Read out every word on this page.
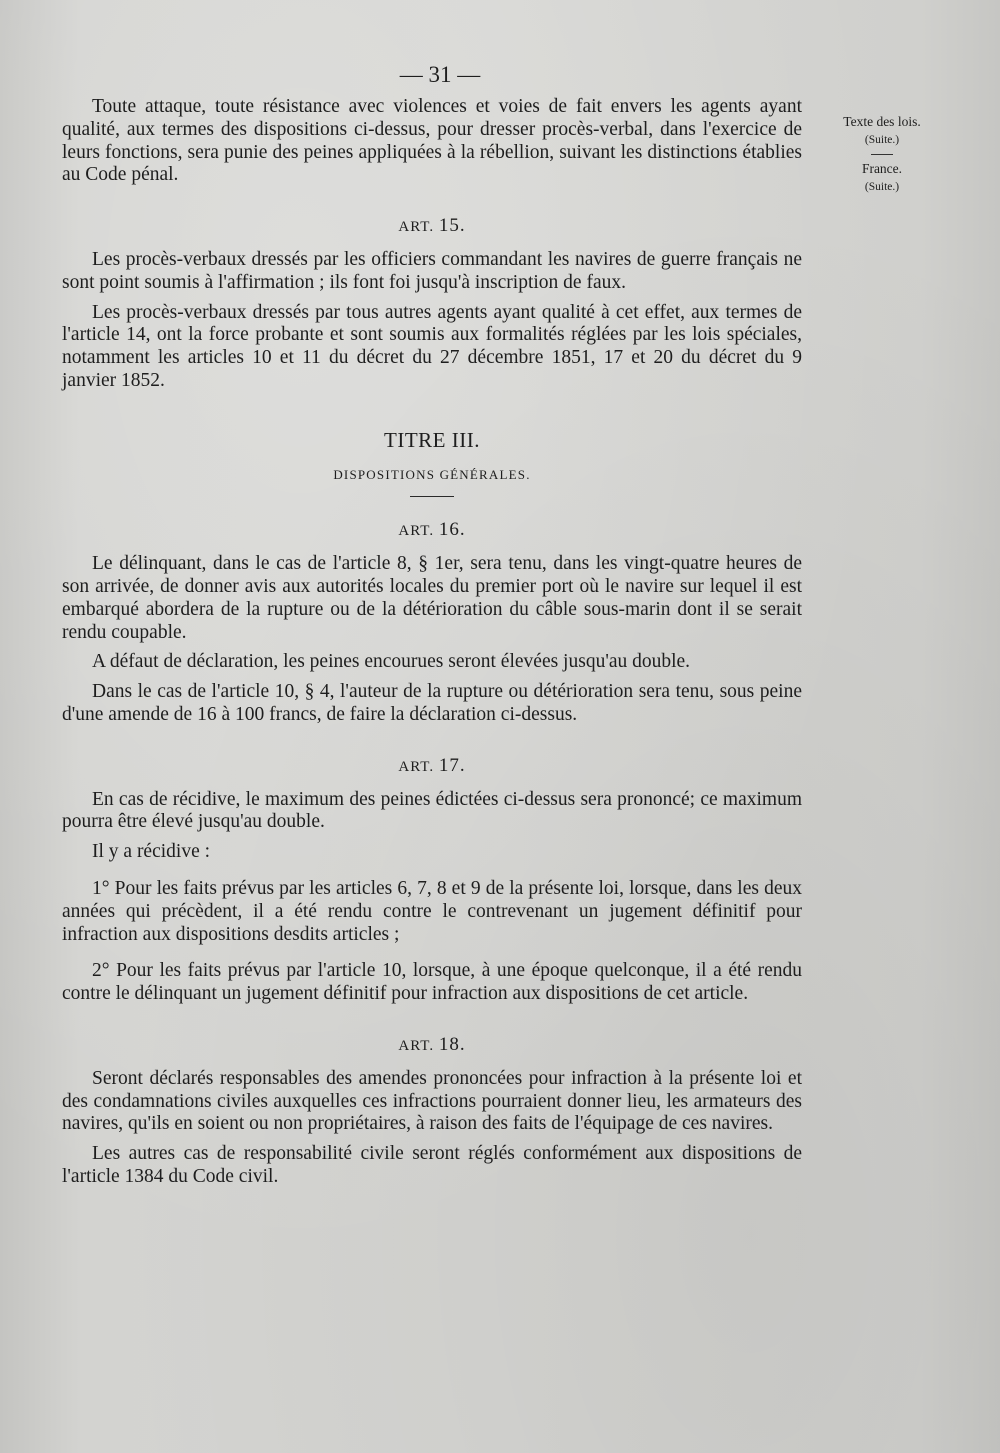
— 31 —
Texte des lois.
(Suite.)
France.
(Suite.)

Toute attaque, toute résistance avec violences et voies de fait envers les agents ayant qualité, aux termes des dispositions ci-dessus, pour dresser procès-verbal, dans l'exercice de leurs fonctions, sera punie des peines appliquées à la rébellion, suivant les distinctions établies au Code pénal.

ART. 15.

Les procès-verbaux dressés par les officiers commandant les navires de guerre français ne sont point soumis à l'affirmation ; ils font foi jusqu'à inscription de faux.

Les procès-verbaux dressés par tous autres agents ayant qualité à cet effet, aux termes de l'article 14, ont la force probante et sont soumis aux formalités réglées par les lois spéciales, notamment les articles 10 et 11 du décret du 27 décembre 1851, 17 et 20 du décret du 9 janvier 1852.

TITRE III.
DISPOSITIONS GÉNÉRALES.
ART. 16.

Le délinquant, dans le cas de l'article 8, § 1er, sera tenu, dans les vingt-quatre heures de son arrivée, de donner avis aux autorités locales du premier port où le navire sur lequel il est embarqué abordera de la rupture ou de la détérioration du câble sous-marin dont il se serait rendu coupable.

A défaut de déclaration, les peines encourues seront élevées jusqu'au double.

Dans le cas de l'article 10, § 4, l'auteur de la rupture ou détérioration sera tenu, sous peine d'une amende de 16 à 100 francs, de faire la déclaration ci-dessus.

ART. 17.

En cas de récidive, le maximum des peines édictées ci-dessus sera prononcé; ce maximum pourra être élevé jusqu'au double.

Il y a récidive :

1° Pour les faits prévus par les articles 6, 7, 8 et 9 de la présente loi, lorsque, dans les deux années qui précèdent, il a été rendu contre le contrevenant un jugement définitif pour infraction aux dispositions desdits articles ;

2° Pour les faits prévus par l'article 10, lorsque, à une époque quelconque, il a été rendu contre le délinquant un jugement définitif pour infraction aux dispositions de cet article.

ART. 18.

Seront déclarés responsables des amendes prononcées pour infraction à la présente loi et des condamnations civiles auxquelles ces infractions pourraient donner lieu, les armateurs des navires, qu'ils en soient ou non propriétaires, à raison des faits de l'équipage de ces navires.

Les autres cas de responsabilité civile seront réglés conformément aux dispositions de l'article 1384 du Code civil.
